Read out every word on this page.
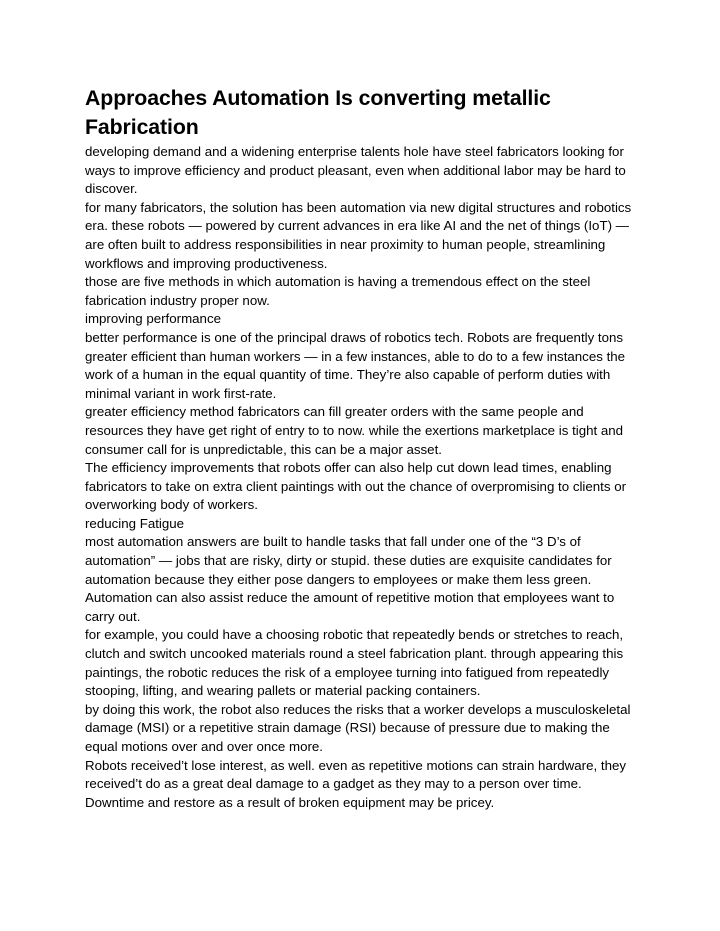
Approaches Automation Is converting metallic Fabrication

developing demand and a widening enterprise talents hole have steel fabricators looking for ways to improve efficiency and product pleasant, even when additional labor may be hard to discover.

for many fabricators, the solution has been automation via new digital structures and robotics era. these robots — powered by current advances in era like AI and the net of things (IoT) — are often built to address responsibilities in near proximity to human people, streamlining workflows and improving productiveness.

those are five methods in which automation is having a tremendous effect on the steel fabrication industry proper now.

improving performance

better performance is one of the principal draws of robotics tech. Robots are frequently tons greater efficient than human workers — in a few instances, able to do to a few instances the work of a human in the equal quantity of time. They’re also capable of perform duties with minimal variant in work first-rate.

greater efficiency method fabricators can fill greater orders with the same people and resources they have get right of entry to to now. while the exertions marketplace is tight and consumer call for is unpredictable, this can be a major asset.

The efficiency improvements that robots offer can also help cut down lead times, enabling fabricators to take on extra client paintings with out the chance of overpromising to clients or overworking body of workers.

reducing Fatigue

most automation answers are built to handle tasks that fall under one of the “3 D’s of automation” — jobs that are risky, dirty or stupid. these duties are exquisite candidates for automation because they either pose dangers to employees or make them less green.

Automation can also assist reduce the amount of repetitive motion that employees want to carry out.

for example, you could have a choosing robotic that repeatedly bends or stretches to reach, clutch and switch uncooked materials round a steel fabrication plant. through appearing this paintings, the robotic reduces the risk of a employee turning into fatigued from repeatedly stooping, lifting, and wearing pallets or material packing containers.

by doing this work, the robot also reduces the risks that a worker develops a musculoskeletal damage (MSI) or a repetitive strain damage (RSI) because of pressure due to making the equal motions over and over once more.

Robots received’t lose interest, as well. even as repetitive motions can strain hardware, they received’t do as a great deal damage to a gadget as they may to a person over time. Downtime and restore as a result of broken equipment may be pricey.
